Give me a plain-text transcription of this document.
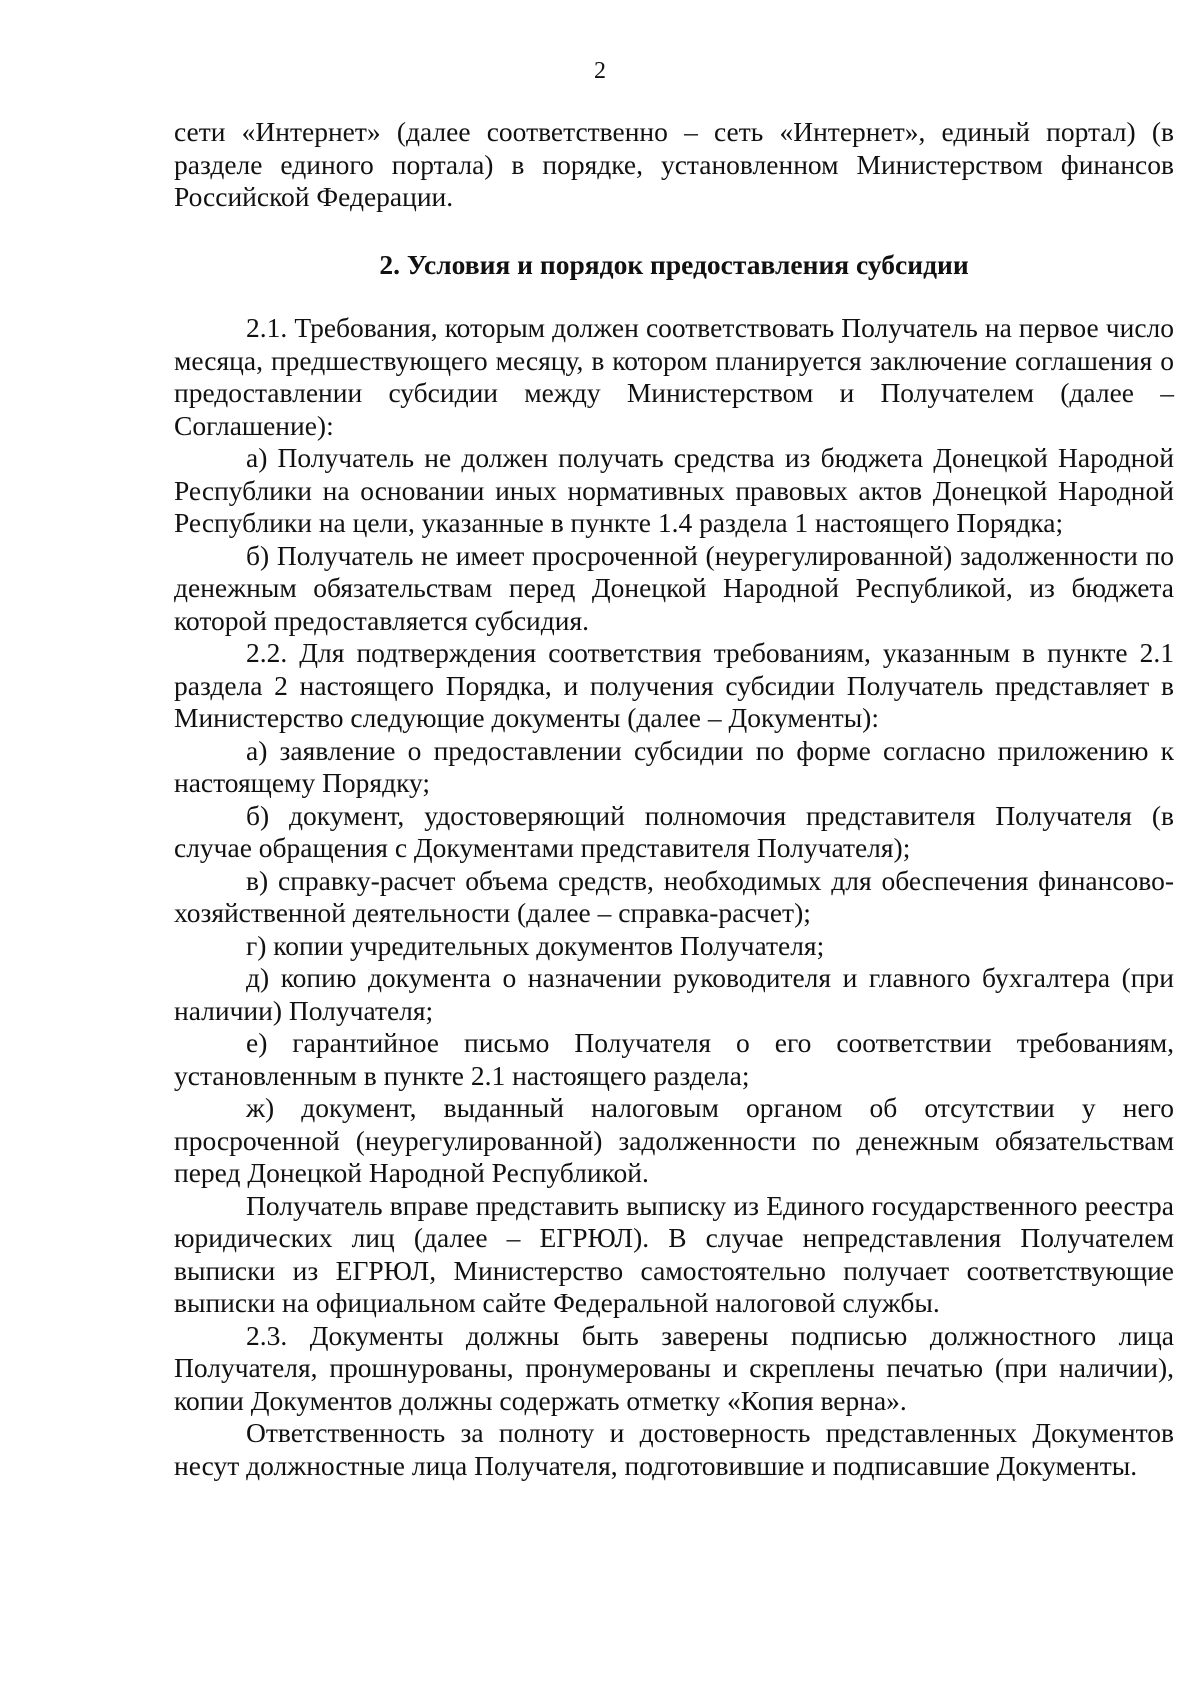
2

сети «Интернет» (далее соответственно – сеть «Интернет», единый портал) (в разделе единого портала) в порядке, установленном Министерством финансов Российской Федерации.

2. Условия и порядок предоставления субсидии

2.1. Требования, которым должен соответствовать Получатель на первое число месяца, предшествующего месяцу, в котором планируется заключение соглашения о предоставлении субсидии между Министерством и Получателем (далее – Соглашение):

а) Получатель не должен получать средства из бюджета Донецкой Народной Республики на основании иных нормативных правовых актов Донецкой Народной Республики на цели, указанные в пункте 1.4 раздела 1 настоящего Порядка;

б) Получатель не имеет просроченной (неурегулированной) задолженности по денежным обязательствам перед Донецкой Народной Республикой, из бюджета которой предоставляется субсидия.

2.2. Для подтверждения соответствия требованиям, указанным в пункте 2.1 раздела 2 настоящего Порядка, и получения субсидии Получатель представляет в Министерство следующие документы (далее – Документы):

а) заявление о предоставлении субсидии по форме согласно приложению к настоящему Порядку;

б) документ, удостоверяющий полномочия представителя Получателя (в случае обращения с Документами представителя Получателя);

в) справку-расчет объема средств, необходимых для обеспечения финансово-хозяйственной деятельности (далее – справка-расчет);

г) копии учредительных документов Получателя;

д) копию документа о назначении руководителя и главного бухгалтера (при наличии) Получателя;

е) гарантийное письмо Получателя о его соответствии требованиям, установленным в пункте 2.1 настоящего раздела;

ж) документ, выданный налоговым органом об отсутствии у него просроченной (неурегулированной) задолженности по денежным обязательствам перед Донецкой Народной Республикой.

Получатель вправе представить выписку из Единого государственного реестра юридических лиц (далее – ЕГРЮЛ). В случае непредставления Получателем выписки из ЕГРЮЛ, Министерство самостоятельно получает соответствующие выписки на официальном сайте Федеральной налоговой службы.

2.3. Документы должны быть заверены подписью должностного лица Получателя, прошнурованы, пронумерованы и скреплены печатью (при наличии), копии Документов должны содержать отметку «Копия верна».

Ответственность за полноту и достоверность представленных Документов несут должностные лица Получателя, подготовившие и подписавшие Документы.
